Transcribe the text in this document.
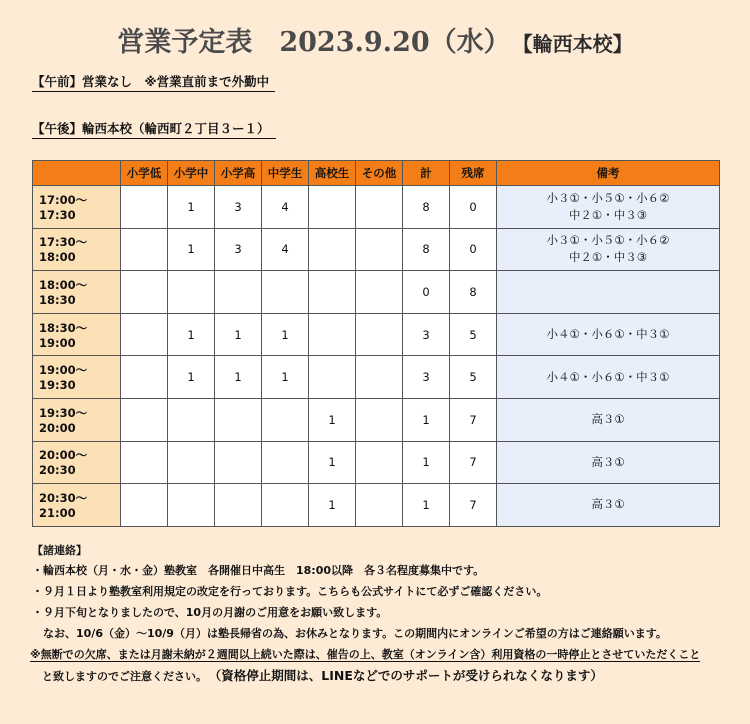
営業予定表　2023.9.20（水） 【輪西本校】
【午前】営業なし　※営業直前まで外勤中
【午後】輪西本校（輪西町２丁目３ー１）
	小学低	小学中	小学高	中学生	高校生	その他	計	残席	備考
17:00〜17:30		1	3	4			8	0	小３①・小５①・小６②
中２①・中３③

17:30〜18:00		1	3	4			8	0	小３①・小５①・小６②
中２①・中３③

18:00〜18:30							0	8	

18:30〜19:00		1	1	1			3	5	小４①・小６①・中３①

19:00〜19:30		1	1	1			3	5	小４①・小６①・中３①

19:30〜20:00					1		1	7	高３①

20:00〜20:30					1		1	7	高３①

20:30〜21:00					1		1	7	高３①
【諸連絡】
・輪西本校（月・水・金）塾教室　各開催日中高生　18:00以降　各３名程度募集中です。
・９月１日より塾教室利用規定の改定を行っております。こちらも公式サイトにて必ずご確認ください。
・９月下旬となりましたので、10月の月謝のご用意をお願い致します。
　なお、10/6（金）〜10/9（月）は塾長帰省の為、お休みとなります。この期間内にオンラインご希望の方はご連絡願います。
※無断での欠席、または月謝未納が２週間以上続いた際は、催告の上、教室（オンライン含）利用資格の一時停止とさせていただくこと
と致しますのでご注意ください。 （資格停止期間は、LINEなどでのサポートが受けられなくなります）
